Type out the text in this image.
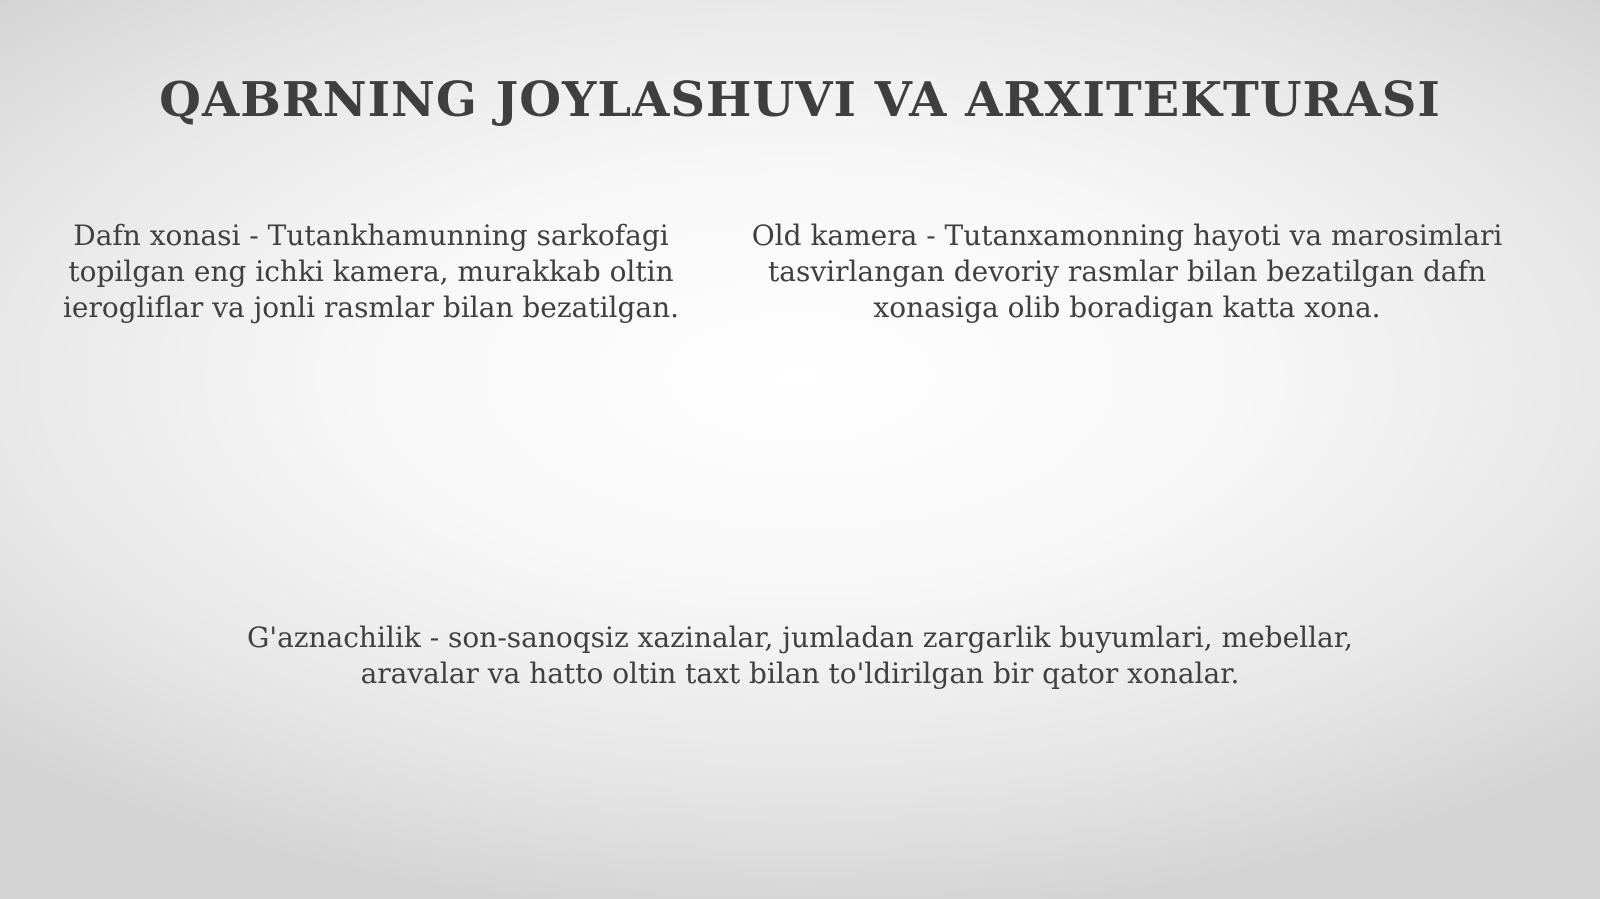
QABRNING JOYLASHUVI VA ARXITEKTURASI

Dafn xonasi - Tutankhamunning sarkofagi topilgan eng ichki kamera, murakkab oltin ierogliflar va jonli rasmlar bilan bezatilgan.

Old kamera - Tutanxamonning hayoti va marosimlari tasvirlangan devoriy rasmlar bilan bezatilgan dafn xonasiga olib boradigan katta xona.

G'aznachilik - son-sanoqsiz xazinalar, jumladan zargarlik buyumlari, mebellar, aravalar va hatto oltin taxt bilan to'ldirilgan bir qator xonalar.
